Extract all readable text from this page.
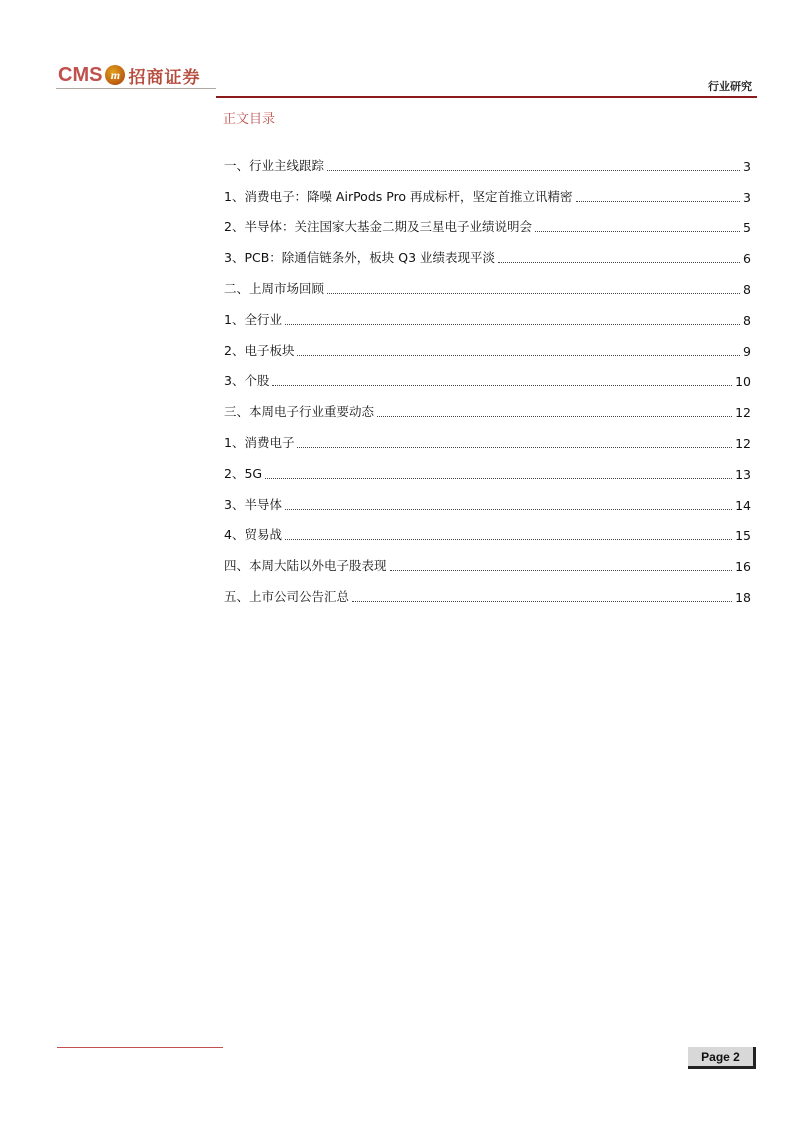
CMS m 招商证券	行业研究
正文目录
一、行业主线跟踪	3
1、消费电子：降噪 AirPods Pro 再成标杆，坚定首推立讯精密	3
2、半导体：关注国家大基金二期及三星电子业绩说明会	5
3、PCB：除通信链条外，板块 Q3 业绩表现平淡	6
二、上周市场回顾	8
1、全行业	8
2、电子板块	9
3、个股	10
三、本周电子行业重要动态	12
1、消费电子	12
2、5G	13
3、半导体	14
4、贸易战	15
四、本周大陆以外电子股表现	16
五、上市公司公告汇总	18
Page 2
